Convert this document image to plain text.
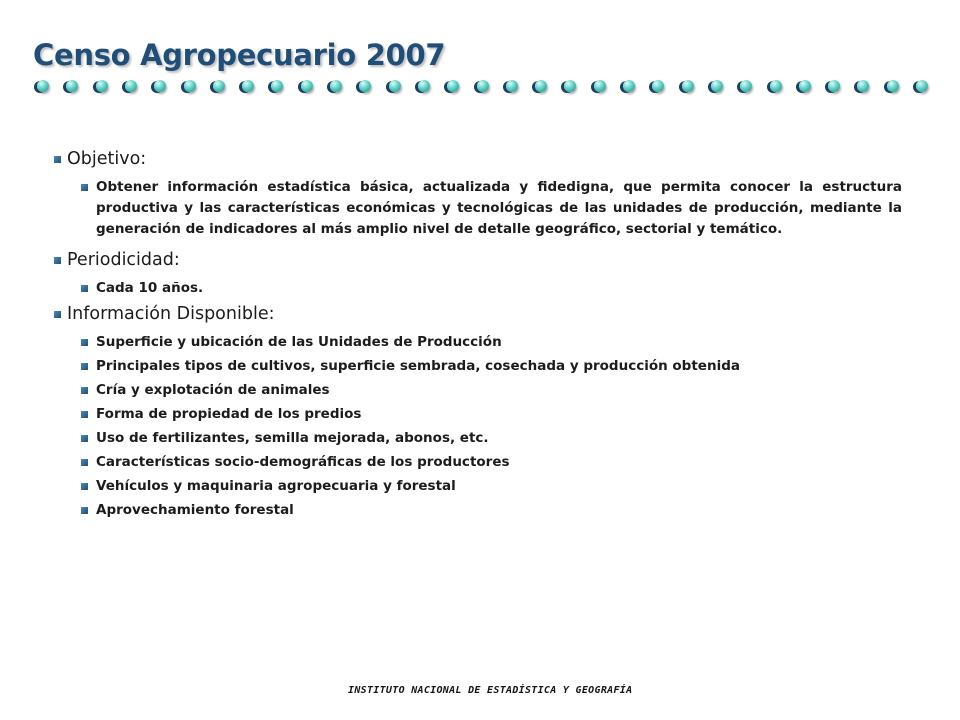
Censo Agropecuario 2007
Objetivo:
Obtener información estadística básica, actualizada y fidedigna, que permita conocer la estructura productiva y las características económicas y tecnológicas de las unidades de producción, mediante la generación de indicadores al más amplio nivel de detalle geográfico, sectorial y temático.
Periodicidad:
Cada 10 años.
Información Disponible:
Superficie y ubicación de las Unidades de Producción
Principales tipos de cultivos, superficie sembrada, cosechada y producción obtenida
Cría y explotación de animales
Forma de propiedad de los predios
Uso de fertilizantes, semilla mejorada, abonos, etc.
Características socio-demográficas de los productores
Vehículos y maquinaria agropecuaria y forestal
Aprovechamiento forestal
INSTITUTO NACIONAL DE ESTADÍSTICA Y GEOGRAFÍA
